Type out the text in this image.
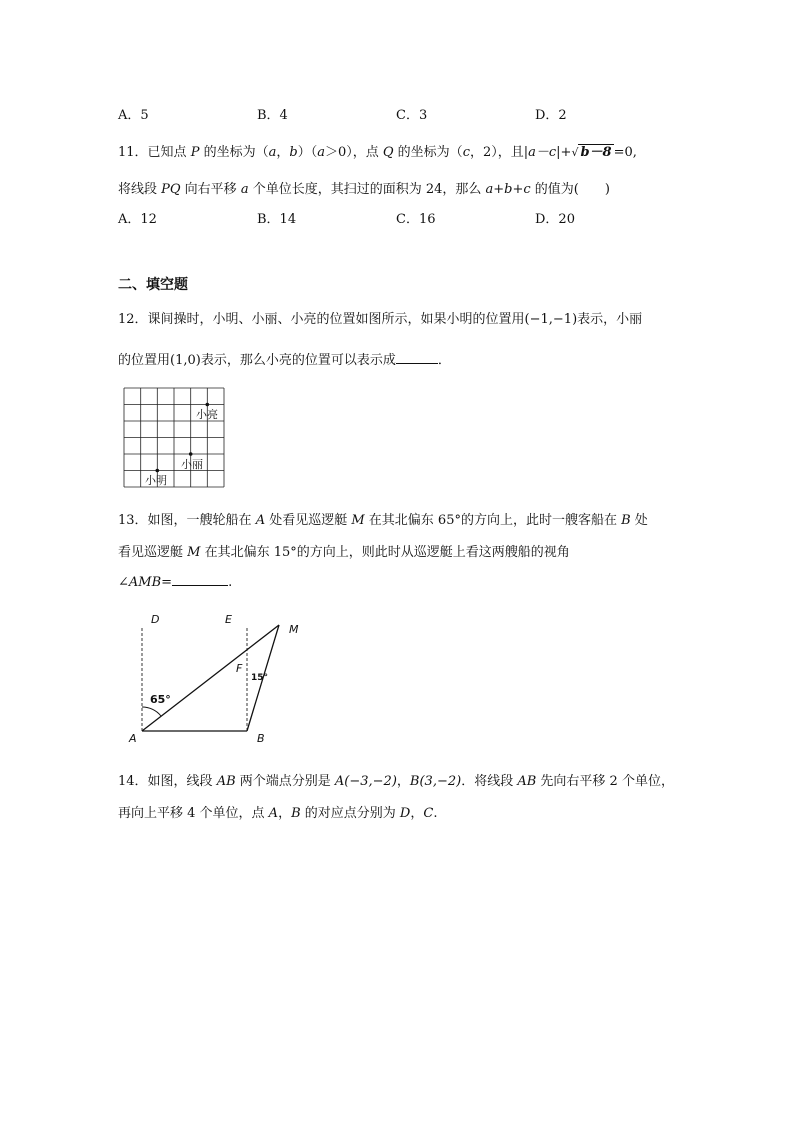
A．5	B．4	C．3	D．2
11．已知点 P 的坐标为（a，b）（a＞0），点 Q 的坐标为（c，2），且|a－c|+√ b－8 =0,
将线段 PQ 向右平移 a 个单位长度，其扫过的面积为 24，那么 a+b+c 的值为(　　)
A．12	B．14	C．16	D．20
二、填空题
12．课间操时，小明、小丽、小亮的位置如图所示，如果小明的位置用(−1,−1)表示，小丽
的位置用(1,0)表示，那么小亮的位置可以表示成	．
小亮
小丽
小明
13．如图，一艘轮船在 A 处看见巡逻艇 M 在其北偏东 65°的方向上，此时一艘客船在 B 处
看见巡逻艇 M 在其北偏东 15°的方向上，则此时从巡逻艇上看这两艘船的视角
∠AMB=	.
D	E
M
F
65°
15°
A	B
14．如图，线段 AB 两个端点分别是 A(−3,−2)，B(3,−2)．将线段 AB 先向右平移 2 个单位，
再向上平移 4 个单位，点 A，B 的对应点分别为 D，C.
